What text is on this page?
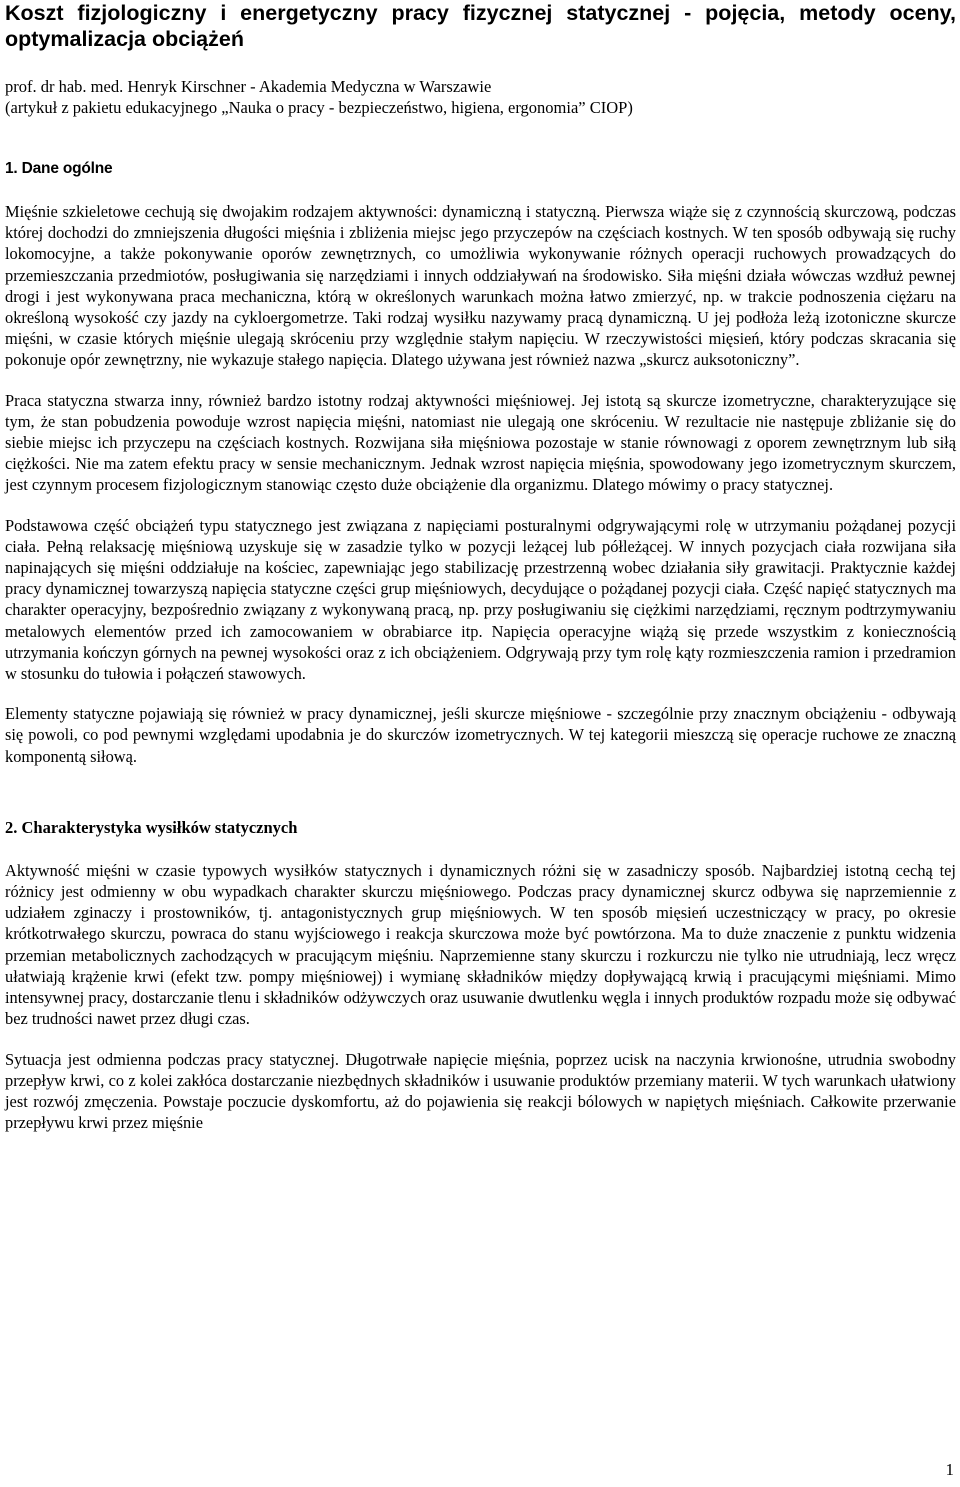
Koszt fizjologiczny i energetyczny pracy fizycznej statycznej - pojęcia, metody oceny, optymalizacja obciążeń

prof. dr hab. med. Henryk Kirschner - Akademia Medyczna w Warszawie

(artykuł z pakietu edukacyjnego „Nauka o pracy - bezpieczeństwo, higiena, ergonomia” CIOP)

1. Dane ogólne

Mięśnie szkieletowe cechują się dwojakim rodzajem aktywności: dynamiczną i statyczną. Pierwsza wiąże się z czynnością skurczową, podczas której dochodzi do zmniejszenia długości mięśnia i zbliżenia miejsc jego przyczepów na częściach kostnych. W ten sposób odbywają się ruchy lokomocyjne, a także pokonywanie oporów zewnętrznych, co umożliwia wykonywanie różnych operacji ruchowych prowadzących do przemieszczania przedmiotów, posługiwania się narzędziami i innych oddziaływań na środowisko. Siła mięśni działa wówczas wzdłuż pewnej drogi i jest wykonywana praca mechaniczna, którą w określonych warunkach można łatwo zmierzyć, np. w trakcie podnoszenia ciężaru na określoną wysokość czy jazdy na cykloergometrze. Taki rodzaj wysiłku nazywamy pracą dynamiczną. U jej podłoża leżą izotoniczne skurcze mięśni, w czasie których mięśnie ulegają skróceniu przy względnie stałym napięciu. W rzeczywistości mięsień, który podczas skracania się pokonuje opór zewnętrzny, nie wykazuje stałego napięcia. Dlatego używana jest również nazwa „skurcz auksotoniczny”.

Praca statyczna stwarza inny, również bardzo istotny rodzaj aktywności mięśniowej. Jej istotą są skurcze izometryczne, charakteryzujące się tym, że stan pobudzenia powoduje wzrost napięcia mięśni, natomiast nie ulegają one skróceniu. W rezultacie nie następuje zbliżanie się do siebie miejsc ich przyczepu na częściach kostnych. Rozwijana siła mięśniowa pozostaje w stanie równowagi z oporem zewnętrznym lub siłą ciężkości. Nie ma zatem efektu pracy w sensie mechanicznym. Jednak wzrost napięcia mięśnia, spowodowany jego izometrycznym skurczem, jest czynnym procesem fizjologicznym stanowiąc często duże obciążenie dla organizmu. Dlatego mówimy o pracy statycznej.

Podstawowa część obciążeń typu statycznego jest związana z napięciami posturalnymi odgrywającymi rolę w utrzymaniu pożądanej pozycji ciała. Pełną relaksację mięśniową uzyskuje się w zasadzie tylko w pozycji leżącej lub półleżącej. W innych pozycjach ciała rozwijana siła napinających się mięśni oddziałuje na kościec, zapewniając jego stabilizację przestrzenną wobec działania siły grawitacji. Praktycznie każdej pracy dynamicznej towarzyszą napięcia statyczne części grup mięśniowych, decydujące o pożądanej pozycji ciała. Część napięć statycznych ma charakter operacyjny, bezpośrednio związany z wykonywaną pracą, np. przy posługiwaniu się ciężkimi narzędziami, ręcznym podtrzymywaniu metalowych elementów przed ich zamocowaniem w obrabiarce itp. Napięcia operacyjne wiążą się przede wszystkim z koniecznością utrzymania kończyn górnych na pewnej wysokości oraz z ich obciążeniem. Odgrywają przy tym rolę kąty rozmieszczenia ramion i przedramion w stosunku do tułowia i połączeń stawowych.

Elementy statyczne pojawiają się również w pracy dynamicznej, jeśli skurcze mięśniowe - szczególnie przy znacznym obciążeniu - odbywają się powoli, co pod pewnymi względami upodabnia je do skurczów izometrycznych. W tej kategorii mieszczą się operacje ruchowe ze znaczną komponentą siłową.

2. Charakterystyka wysiłków statycznych

Aktywność mięśni w czasie typowych wysiłków statycznych i dynamicznych różni się w zasadniczy sposób. Najbardziej istotną cechą tej różnicy jest odmienny w obu wypadkach charakter skurczu mięśniowego. Podczas pracy dynamicznej skurcz odbywa się naprzemiennie z udziałem zginaczy i prostowników, tj. antagonistycznych grup mięśniowych. W ten sposób mięsień uczestniczący w pracy, po okresie krótkotrwałego skurczu, powraca do stanu wyjściowego i reakcja skurczowa może być powtórzona. Ma to duże znaczenie z punktu widzenia przemian metabolicznych zachodzących w pracującym mięśniu. Naprzemienne stany skurczu i rozkurczu nie tylko nie utrudniają, lecz wręcz ułatwiają krążenie krwi (efekt tzw. pompy mięśniowej) i wymianę składników między dopływającą krwią i pracującymi mięśniami. Mimo intensywnej pracy, dostarczanie tlenu i składników odżywczych oraz usuwanie dwutlenku węgla i innych produktów rozpadu może się odbywać bez trudności nawet przez długi czas.

Sytuacja jest odmienna podczas pracy statycznej. Długotrwałe napięcie mięśnia, poprzez ucisk na naczynia krwionośne, utrudnia swobodny przepływ krwi, co z kolei zakłóca dostarczanie niezbędnych składników i usuwanie produktów przemiany materii. W tych warunkach ułatwiony jest rozwój zmęczenia. Powstaje poczucie dyskomfortu, aż do pojawienia się reakcji bólowych w napiętych mięśniach. Całkowite przerwanie przepływu krwi przez mięśnie

1
